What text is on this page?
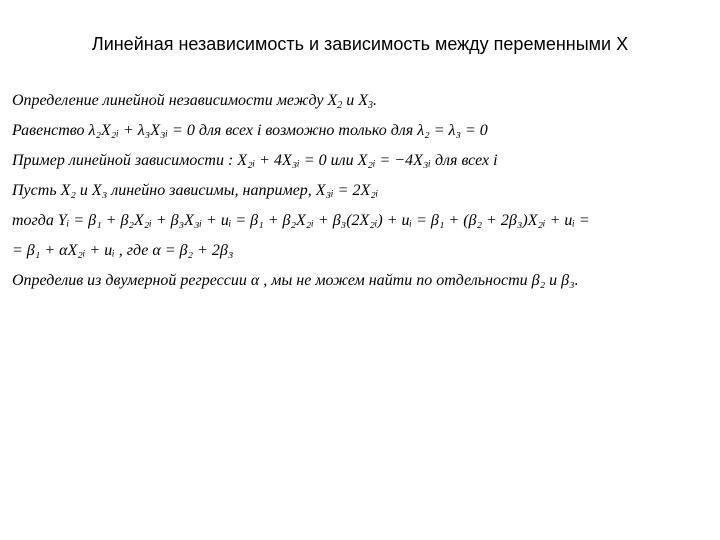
Линейная независимость и зависимость между переменными X
Определение линейной независимости между $X_2$ и $X_3$.
Равенство λ₂X₂ᵢ + λ₃X₃ᵢ = 0 для всех i возможно только для λ₂ = λ₃ = 0
Пример линейной зависимости : X₂ᵢ + 4X₃ᵢ = 0 или X₂ᵢ = −4X₃ᵢ для всех i
Пусть X₂ и X₃ линейно зависимы, например, X₃ᵢ = 2X₂ᵢ
тогда Yᵢ = β₁ + β₂X₂ᵢ + β₃X₃ᵢ + uᵢ = β₁ + β₂X₂ᵢ + β₃(2X₂ᵢ) + uᵢ = β₁ + (β₂ + 2β₃)X₂ᵢ + uᵢ =
= β₁ + αX₂ᵢ + uᵢ , где α = β₂ + 2β₃
Определив из двумерной регрессии α , мы не можем найти по отдельности β₂ и β₃.
